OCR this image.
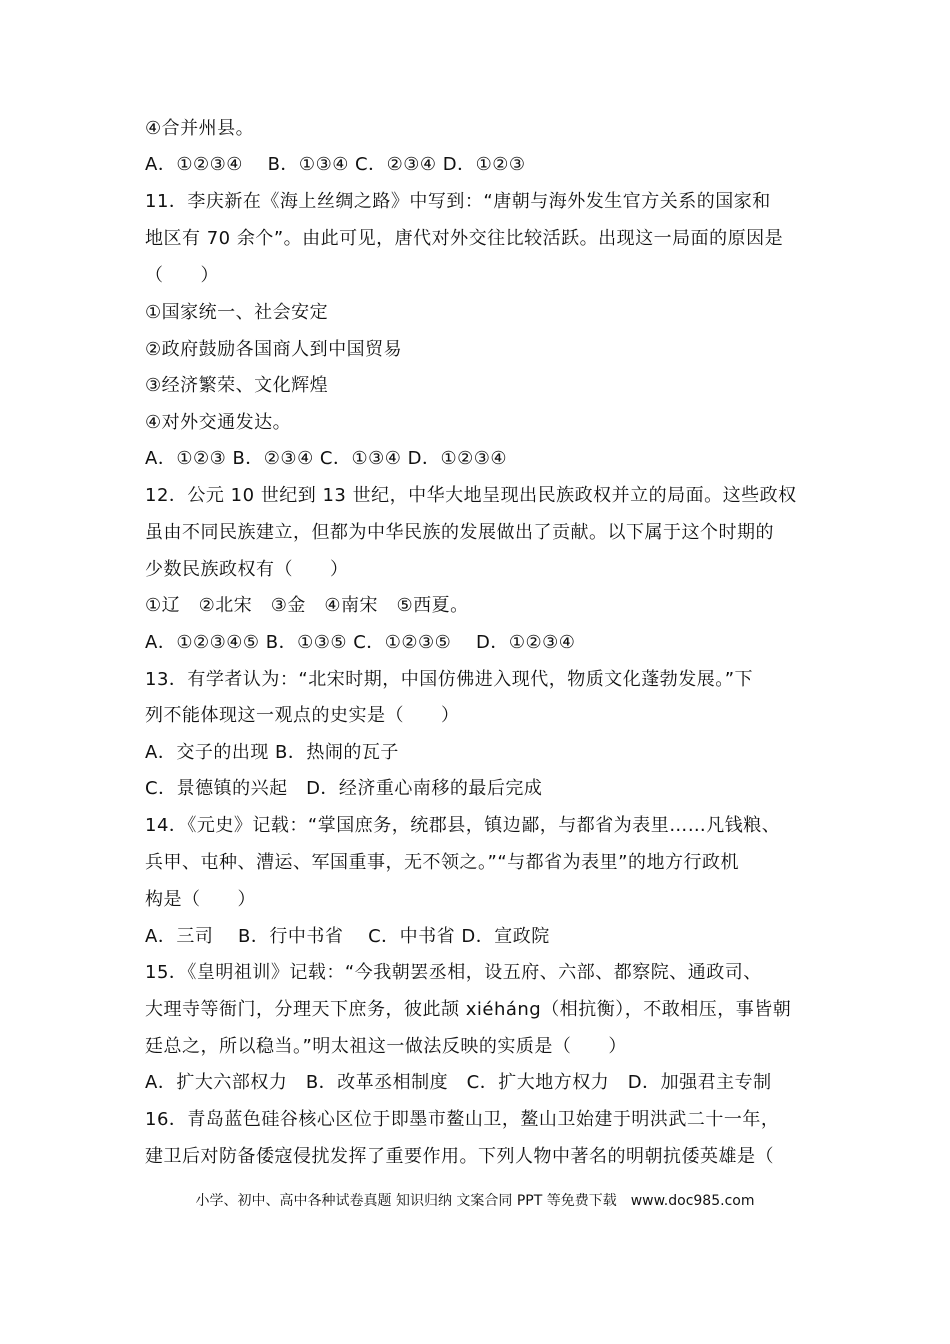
④合并州县。
A．①②③④　 B．①③④ C．②③④ D．①②③
11．李庆新在《海上丝绸之路》中写到：“唐朝与海外发生官方关系的国家和
地区有 70 余个”。由此可见，唐代对外交往比较活跃。出现这一局面的原因是
（　　）
①国家统一、社会安定
②政府鼓励各国商人到中国贸易
③经济繁荣、文化辉煌
④对外交通发达。
A．①②③ B．②③④ C．①③④ D．①②③④
12．公元 10 世纪到 13 世纪，中华大地呈现出民族政权并立的局面。这些政权
虽由不同民族建立，但都为中华民族的发展做出了贡献。以下属于这个时期的
少数民族政权有（　　）
①辽　②北宋　③金　④南宋　⑤西夏。
A．①②③④⑤ B．①③⑤ C．①②③⑤　 D．①②③④
13．有学者认为：“北宋时期，中国仿佛进入现代，物质文化蓬勃发展。”下
列不能体现这一观点的史实是（　　）
A．交子的出现 B．热闹的瓦子
C．景德镇的兴起　D．经济重心南移的最后完成
14．《元史》记载：“掌国庶务，统郡县，镇边鄙，与都省为表里……凡钱粮、
兵甲、屯种、漕运、军国重事，无不领之。”“与都省为表里”的地方行政机
构是（　　）
A．三司　 B．行中书省　 C．中书省 D．宣政院
15．《皇明祖训》记载：“今我朝罢丞相，设五府、六部、都察院、通政司、
大理寺等衙门，分理天下庶务，彼此颉 xiéháng（相抗衡），不敢相压，事皆朝
廷总之，所以稳当。”明太祖这一做法反映的实质是（　　）
A．扩大六部权力　B．改革丞相制度　C．扩大地方权力　D．加强君主专制
16．青岛蓝色硅谷核心区位于即墨市鳌山卫，鳌山卫始建于明洪武二十一年，
建卫后对防备倭寇侵扰发挥了重要作用。下列人物中著名的明朝抗倭英雄是（
小学、初中、高中各种试卷真题 知识归纳 文案合同 PPT 等免费下载　www.doc985.com
